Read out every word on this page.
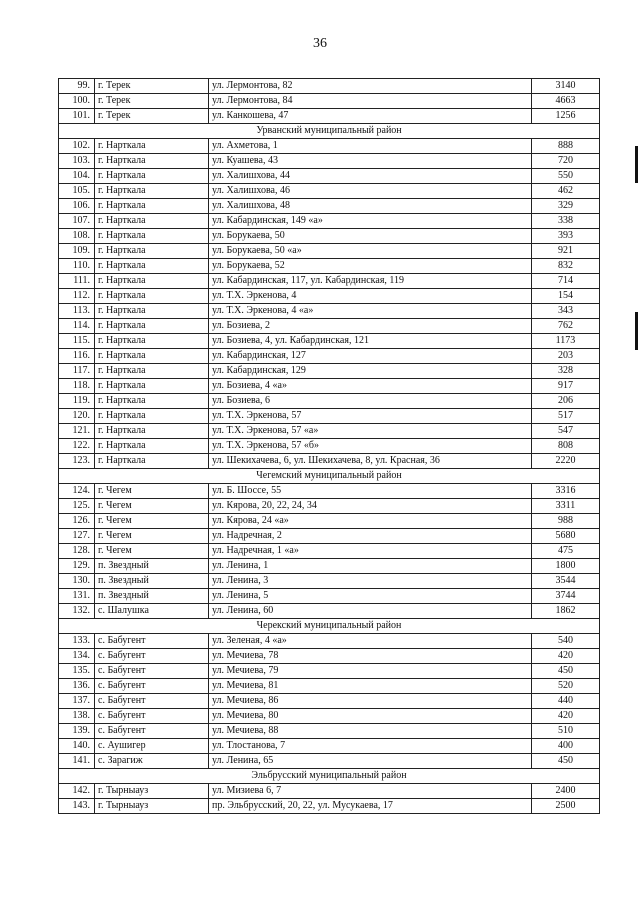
36
99.	г. Терек	ул. Лермонтова, 82	3140
100.	г. Терек	ул. Лермонтова, 84	4663
101.	г. Терек	ул. Канкошева, 47	1256
Урванский муниципальный район			
102.	г. Нарткала	ул. Ахметова, 1	888
103.	г. Нарткала	ул. Куашева, 43	720
104.	г. Нарткала	ул. Халишхова, 44	550
105.	г. Нарткала	ул. Халишхова, 46	462
106.	г. Нарткала	ул. Халишхова, 48	329
107.	г. Нарткала	ул. Кабардинская, 149 «а»	338
108.	г. Нарткала	ул. Борукаева, 50	393
109.	г. Нарткала	ул. Борукаева, 50 «а»	921
110.	г. Нарткала	ул. Борукаева, 52	832
111.	г. Нарткала	ул. Кабардинская, 117, ул. Кабардинская, 119	714
112.	г. Нарткала	ул. Т.Х. Эркенова, 4	154
113.	г. Нарткала	ул. Т.Х. Эркенова, 4 «а»	343
114.	г. Нарткала	ул. Бозиева, 2	762
115.	г. Нарткала	ул. Бозиева, 4, ул. Кабардинская, 121	1173
116.	г. Нарткала	ул. Кабардинская, 127	203
117.	г. Нарткала	ул. Кабардинская, 129	328
118.	г. Нарткала	ул. Бозиева, 4 «а»	917
119.	г. Нарткала	ул. Бозиева, 6	206
120.	г. Нарткала	ул. Т.Х. Эркенова, 57	517
121.	г. Нарткала	ул. Т.Х. Эркенова, 57 «а»	547
122.	г. Нарткала	ул. Т.Х. Эркенова, 57 «б»	808
123.	г. Нарткала	ул. Шекихачева, 6, ул. Шекихачева, 8, ул. Красная, 36	2220
Чегемский муниципальный район			
124.	г. Чегем	ул. Б. Шоссе, 55	3316
125.	г. Чегем	ул. Кярова, 20, 22, 24, 34	3311
126.	г. Чегем	ул. Кярова, 24 «а»	988
127.	г. Чегем	ул. Надречная, 2	5680
128.	г. Чегем	ул. Надречная, 1 «а»	475
129.	п. Звездный	ул. Ленина, 1	1800
130.	п. Звездный	ул. Ленина, 3	3544
131.	п. Звездный	ул. Ленина, 5	3744
132.	с. Шалушка	ул. Ленина, 60	1862
Черекский муниципальный район			
133.	с. Бабугент	ул. Зеленая, 4 «а»	540
134.	с. Бабугент	ул. Мечиева, 78	420
135.	с. Бабугент	ул. Мечиева, 79	450
136.	с. Бабугент	ул. Мечиева, 81	520
137.	с. Бабугент	ул. Мечиева, 86	440
138.	с. Бабугент	ул. Мечиева, 80	420
139.	с. Бабугент	ул. Мечиева, 88	510
140.	с. Аушигер	ул. Тлостанова, 7	400
141.	с. Зарагиж	ул. Ленина, 65	450
Эльбрусский муниципальный район			
142.	г. Тырныауз	ул. Мизиева 6, 7	2400
143.	г. Тырныауз	пр. Эльбрусский, 20, 22, ул. Мусукаева, 17	2500
